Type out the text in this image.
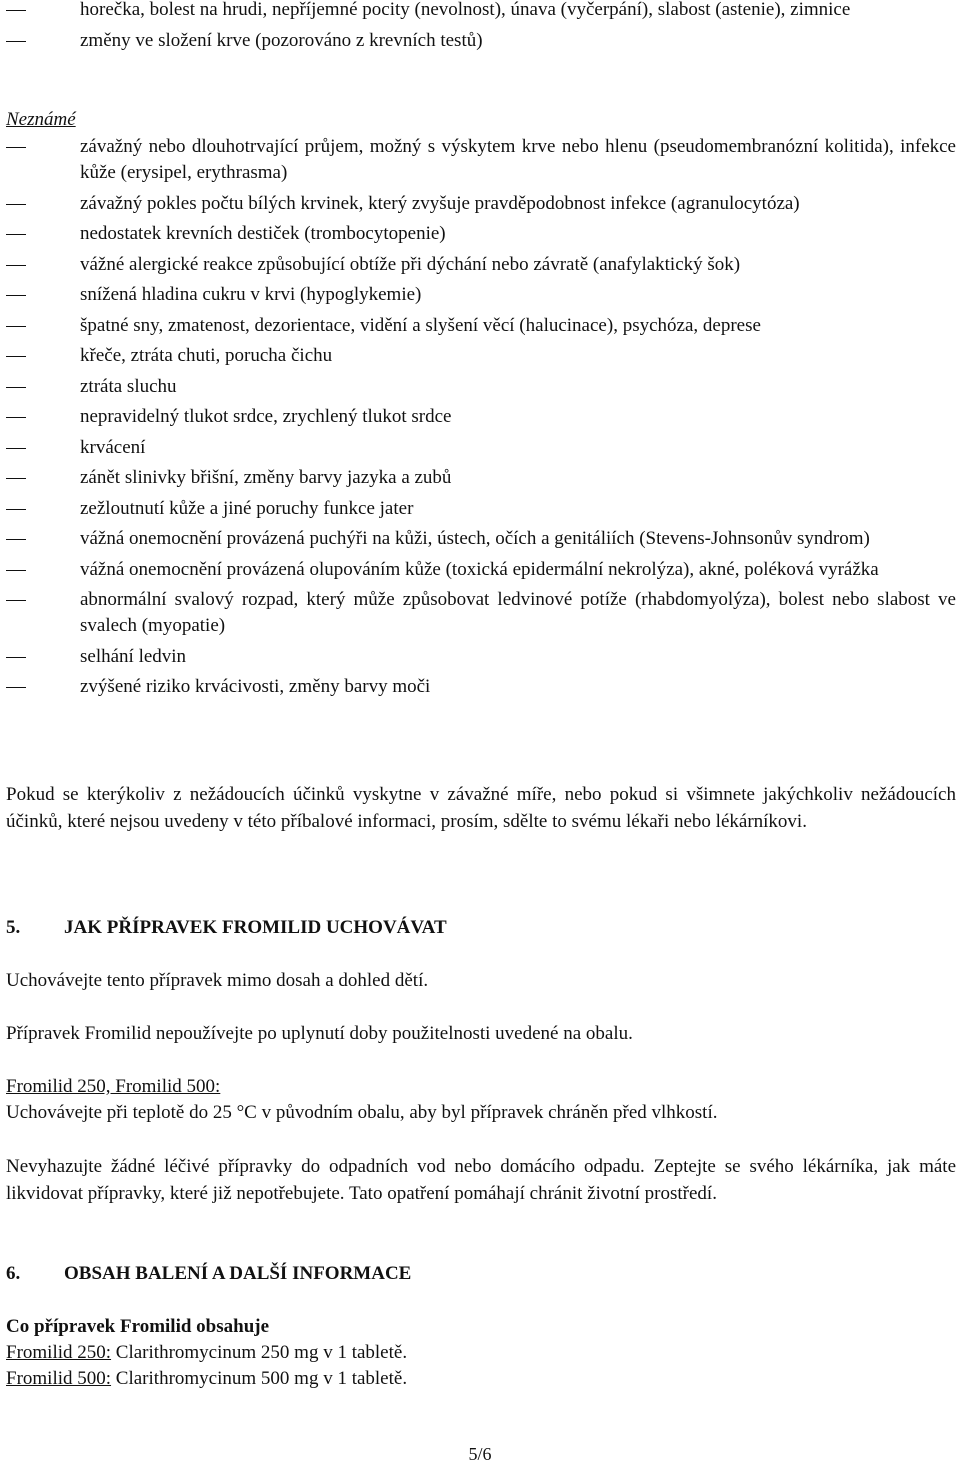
horečka, bolest na hrudi, nepříjemné pocity (nevolnost), únava (vyčerpání), slabost (astenie), zimnice
změny ve složení krve (pozorováno z krevních testů)
Neznámé
závažný nebo dlouhotrvající průjem, možný s výskytem krve nebo hlenu (pseudomembranózní kolitida), infekce kůže (erysipel, erythrasma)
závažný pokles počtu bílých krvinek, který zvyšuje pravděpodobnost infekce (agranulocytóza)
nedostatek krevních destiček (trombocytopenie)
vážné alergické reakce způsobující obtíže při dýchání nebo závratě (anafylaktický šok)
snížená hladina cukru v krvi (hypoglykemie)
špatné sny, zmatenost, dezorientace, vidění a slyšení věcí (halucinace), psychóza, deprese
křeče, ztráta chuti, porucha čichu
ztráta sluchu
nepravidelný tlukot srdce, zrychlený tlukot srdce
krvácení
zánět slinivky břišní, změny barvy jazyka a zubů
zežloutnutí kůže a jiné poruchy funkce jater
vážná onemocnění provázená puchýři na kůži, ústech, očích a genitáliích (Stevens-Johnsonův syndrom)
vážná onemocnění provázená olupováním kůže (toxická epidermální nekrolýza), akné, poléková vyrážka
abnormální svalový rozpad, který může způsobovat ledvinové potíže (rhabdomyolýza), bolest nebo slabost ve svalech (myopatie)
selhání ledvin
zvýšené riziko krvácivosti, změny barvy moči

Pokud se kterýkoliv z nežádoucích účinků vyskytne v závažné míře, nebo pokud si všimnete jakýchkoliv nežádoucích účinků, které nejsou uvedeny v této příbalové informaci, prosím, sdělte to svému lékaři nebo lékárníkovi.

5. JAK PŘÍPRAVEK FROMILID UCHOVÁVAT

Uchovávejte tento přípravek mimo dosah a dohled dětí.

Přípravek Fromilid nepoužívejte po uplynutí doby použitelnosti uvedené na obalu.

Fromilid 250, Fromilid 500:

Uchovávejte při teplotě do 25 °C v původním obalu, aby byl přípravek chráněn před vlhkostí.

Nevyhazujte žádné léčivé přípravky do odpadních vod nebo domácího odpadu. Zeptejte se svého lékárníka, jak máte likvidovat přípravky, které již nepotřebujete. Tato opatření pomáhají chránit životní prostředí.

6. OBSAH BALENÍ A DALŠÍ INFORMACE
Co přípravek Fromilid obsahuje
Fromilid 250: Clarithromycinum 250 mg v 1 tabletě.
Fromilid 500: Clarithromycinum 500 mg v 1 tabletě.
5/6
